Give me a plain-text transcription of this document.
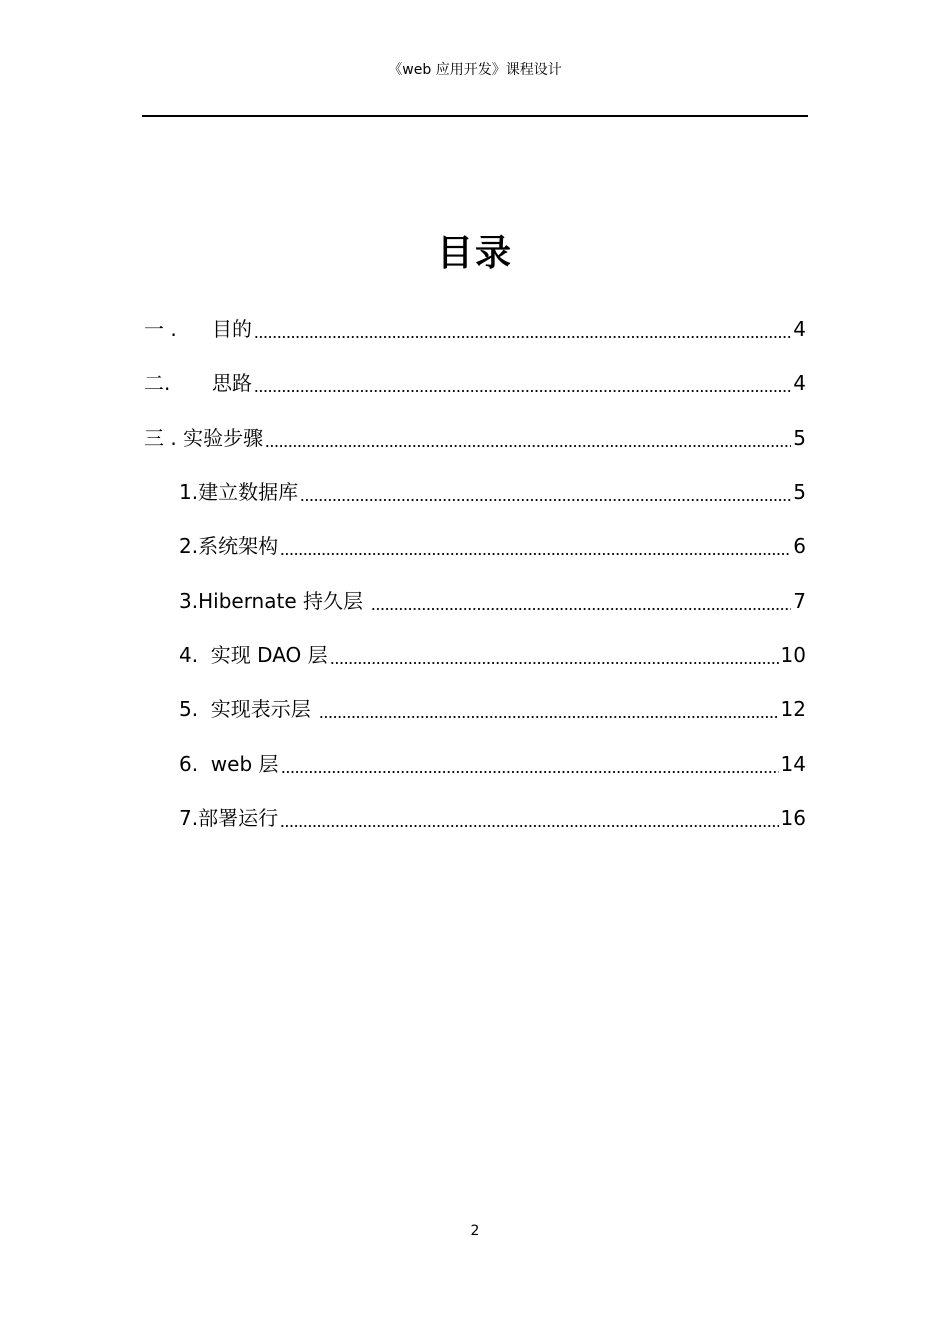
《web 应用开发》课程设计
目录
一 .	目的	4
二.	思路	4
三 . 实验步骤	5
1. 建立数据库	5
2. 系统架构	6
3. Hibernate 持久层	7
4. 实现 DAO 层	10
5. 实现表示层	12
6. web 层	14
7. 部署运行	16
2
